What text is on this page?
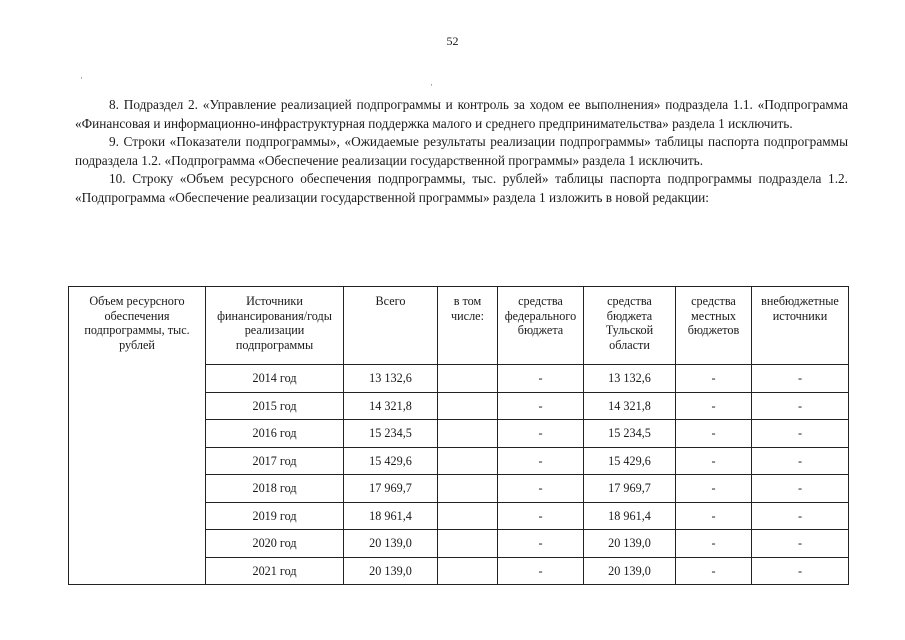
52
·
·

8. Подраздел 2. «Управление реализацией подпрограммы и контроль за ходом ее выполнения» подраздела 1.1. «Подпрограмма «Финансовая и информационно-инфраструктурная поддержка малого и среднего предпринимательства» раздела 1 исключить.

9. Строки «Показатели подпрограммы», «Ожидаемые результаты реализации подпрограммы» таблицы паспорта подпрограммы подраздела 1.2. «Подпрограмма «Обеспечение реализации государственной программы» раздела 1 исключить.

10. Строку «Объем ресурсного обеспечения подпрограммы, тыс. рублей» таблицы паспорта подпрограммы подраздела 1.2. «Подпрограмма «Обеспечение реализации государственной программы» раздела 1 изложить в новой редакции:

Объем ресурсного обеспечения подпрограммы, тыс. рублей	Источники финансирования/годы реализации подпрограммы	Всего	в том числе:	средства федерального бюджета	средства бюджета Тульской области	средства местных бюджетов	внебюджетные источники
	2014 год	13 132,6		-	13 132,6	-	-
	2015 год	14 321,8		-	14 321,8	-	-
	2016 год	15 234,5		-	15 234,5	-	-
	2017 год	15 429,6		-	15 429,6	-	-
	2018 год	17 969,7		-	17 969,7	-	-
	2019 год	18 961,4		-	18 961,4	-	-
	2020 год	20 139,0		-	20 139,0	-	-
	2021 год	20 139,0		-	20 139,0	-	-
